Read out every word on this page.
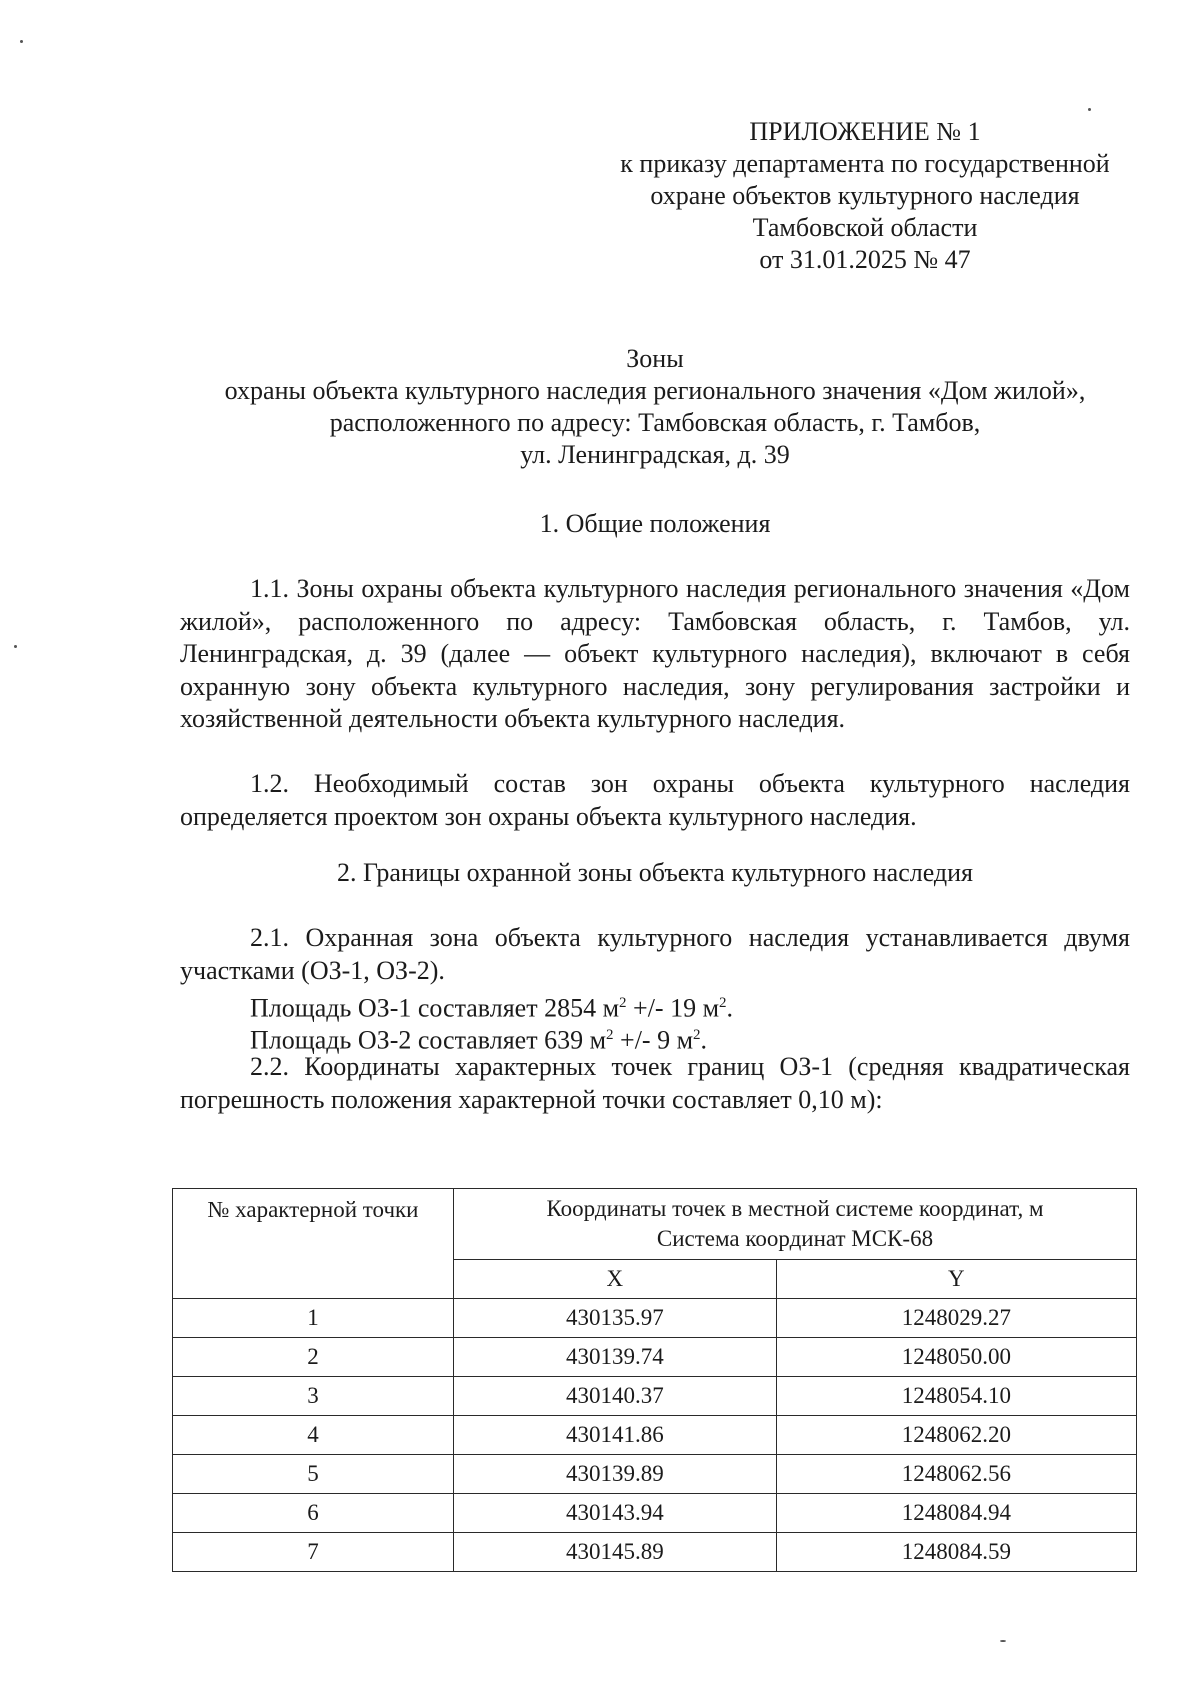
ПРИЛОЖЕНИЕ № 1
к приказу департамента по государственной
охране объектов культурного наследия
Тамбовской области
от 31.01.2025 № 47
Зоны
охраны объекта культурного наследия регионального значения «Дом жилой»,
расположенного по адресу: Тамбовская область, г. Тамбов,
ул. Ленинградская, д. 39
1. Общие положения
1.1. Зоны охраны объекта культурного наследия регионального значения «Дом жилой», расположенного по адресу: Тамбовская область, г. Тамбов, ул. Ленинградская, д. 39 (далее — объект культурного наследия), включают в себя охранную зону объекта культурного наследия, зону регулирования застройки и хозяйственной деятельности объекта культурного наследия.
1.2. Необходимый состав зон охраны объекта культурного наследия определяется проектом зон охраны объекта культурного наследия.
2. Границы охранной зоны объекта культурного наследия
2.1. Охранная зона объекта культурного наследия устанавливается двумя участками (ОЗ-1, ОЗ-2).
Площадь ОЗ-1 составляет 2854 $м^2$ +/- 19 $м^2$.
Площадь ОЗ-2 составляет 639 $м^2$ +/- 9 $м^2$.
2.2. Координаты характерных точек границ ОЗ-1 (средняя квадратическая погрешность положения характерной точки составляет 0,10 м):
№ характерной точки	Координаты точек в местной системе координат, м
Система координат МСК-68	

	X	Y
1	430135.97	1248029.27
2	430139.74	1248050.00
3	430140.37	1248054.10
4	430141.86	1248062.20
5	430139.89	1248062.56
6	430143.94	1248084.94
7	430145.89	1248084.59
